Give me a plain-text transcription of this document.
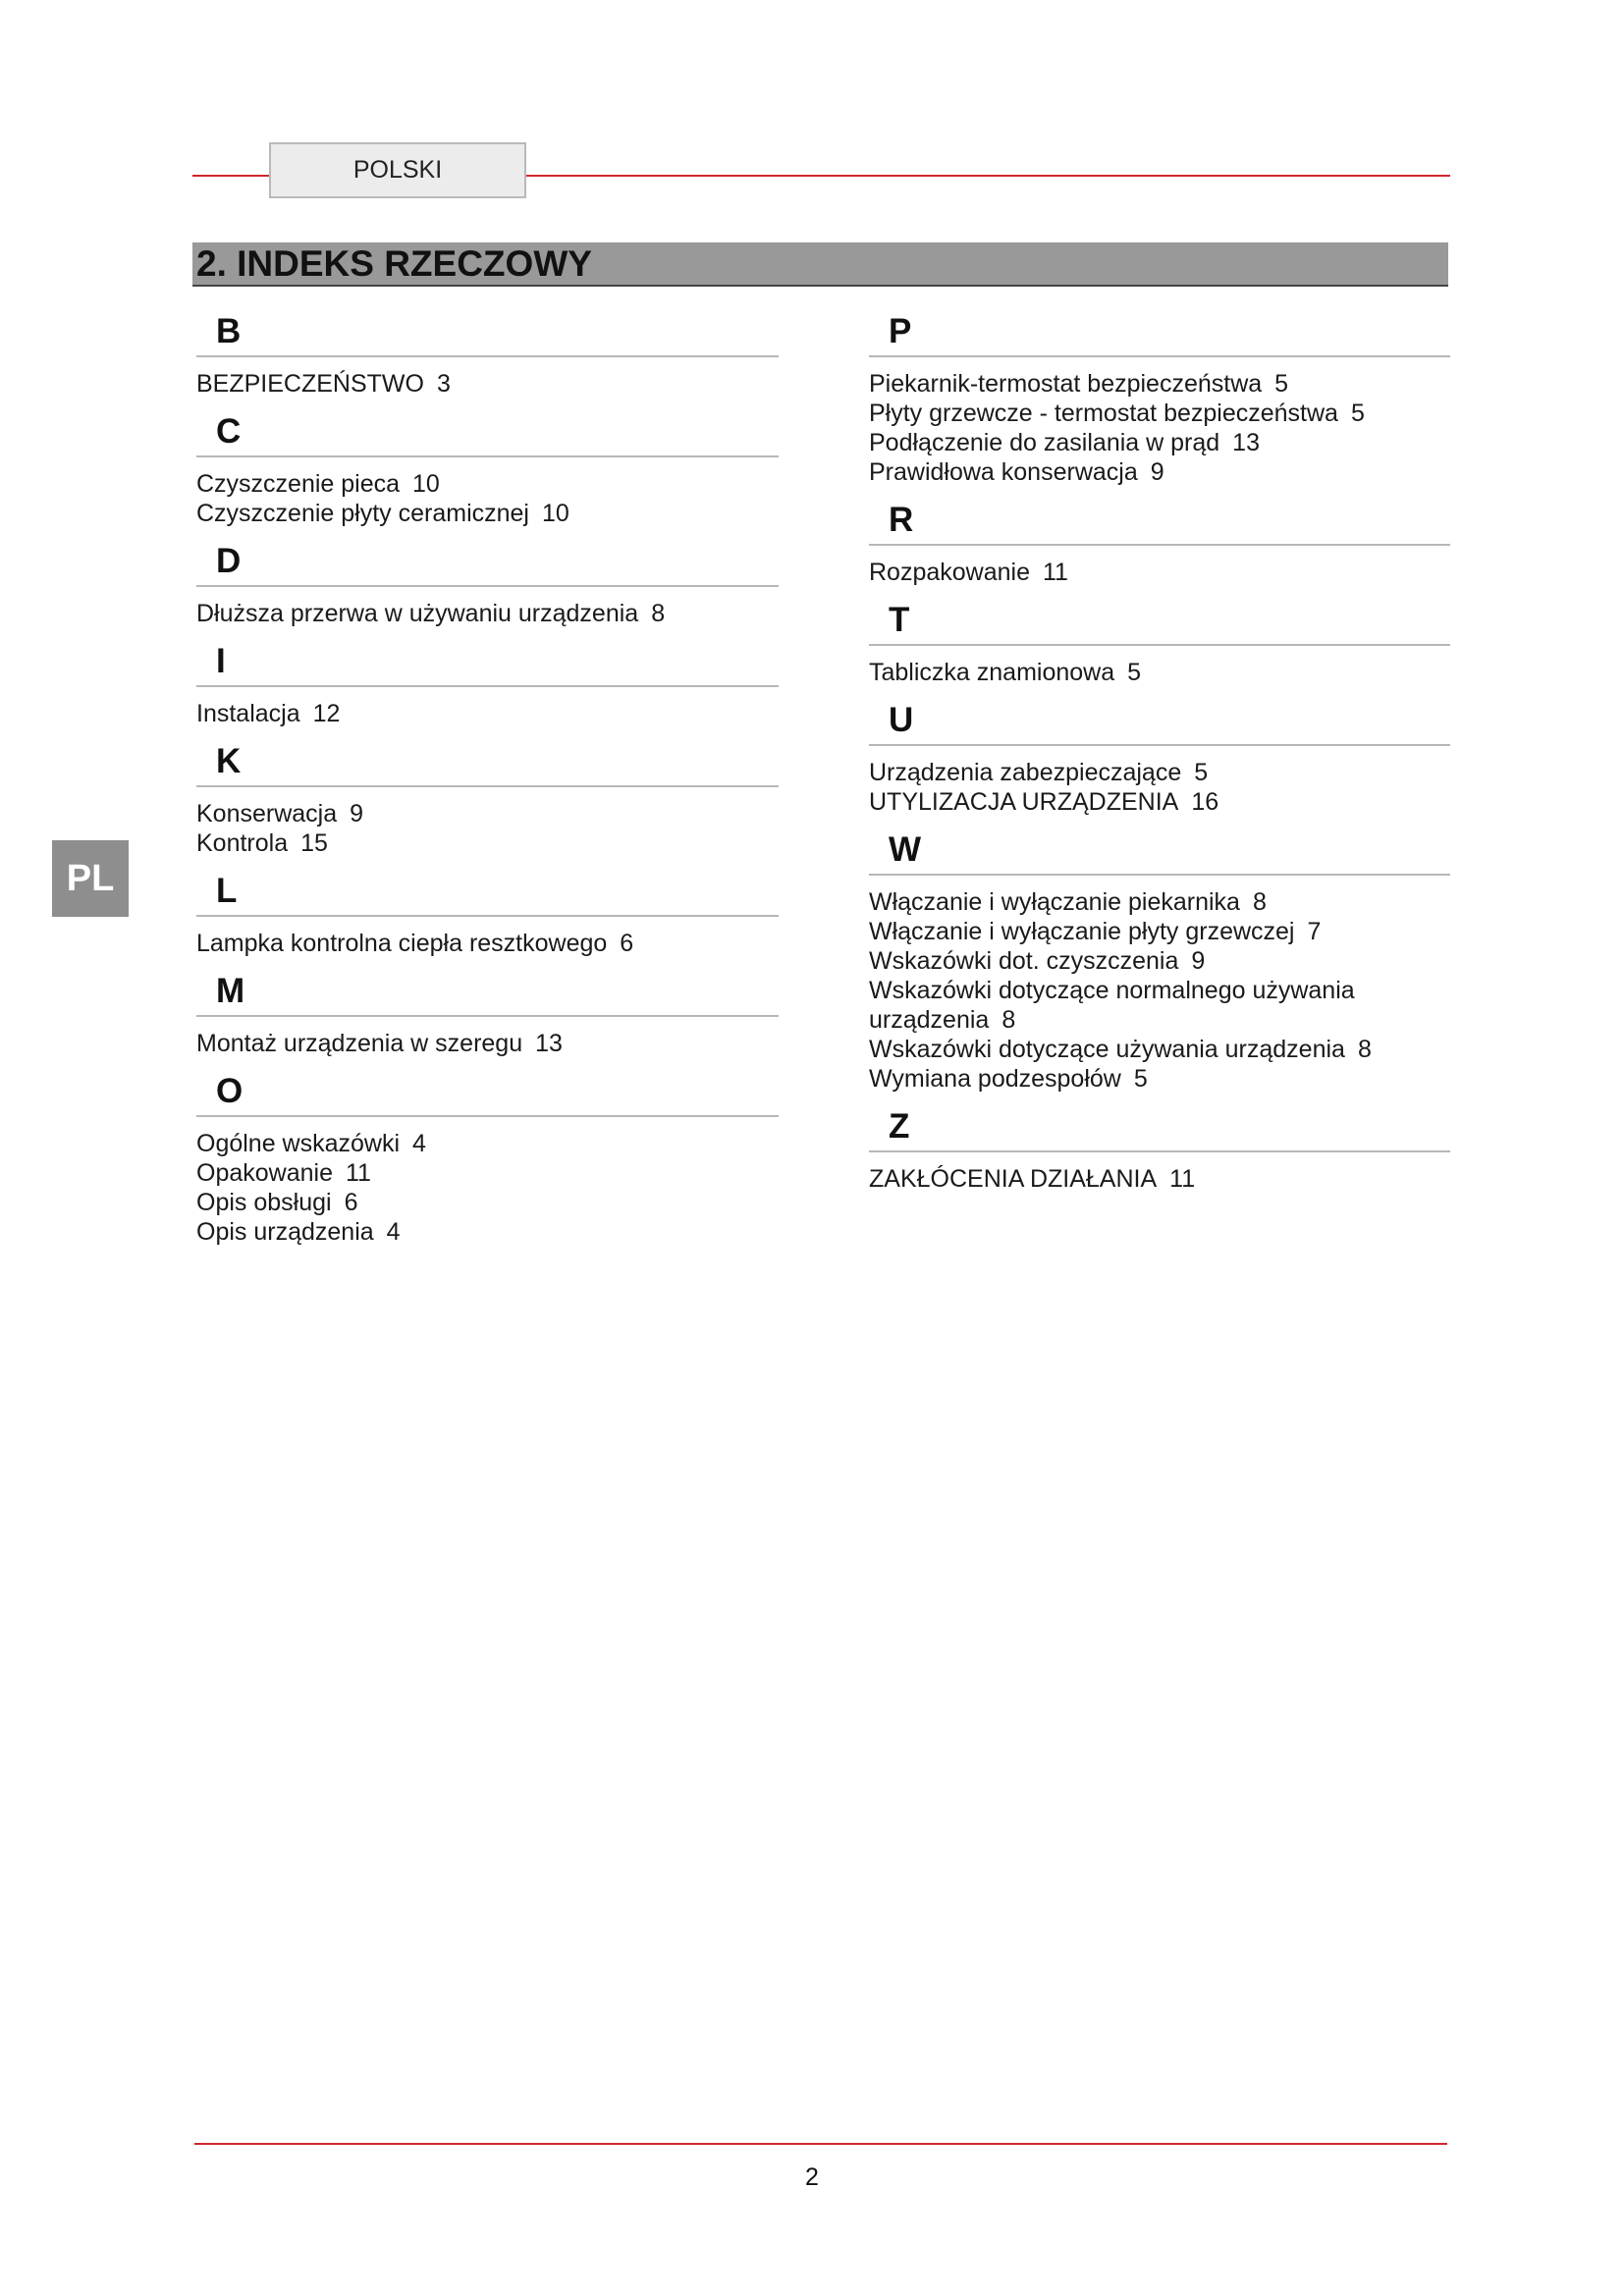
POLSKI
2. INDEKS RZECZOWY
PL
B
BEZPIECZEŃSTWO 3
C
Czyszczenie pieca 10
Czyszczenie płyty ceramicznej 10
D
Dłuższa przerwa w używaniu urządzenia 8
I
Instalacja 12
K
Konserwacja 9
Kontrola 15
L
Lampka kontrolna ciepła resztkowego 6
M
Montaż urządzenia w szeregu 13
O
Ogólne wskazówki 4
Opakowanie 11
Opis obsługi 6
Opis urządzenia 4
P
Piekarnik-termostat bezpieczeństwa 5
Płyty grzewcze - termostat bezpieczeństwa 5
Podłączenie do zasilania w prąd 13
Prawidłowa konserwacja 9
R
Rozpakowanie 11
T
Tabliczka znamionowa 5
U
Urządzenia zabezpieczające 5
UTYLIZACJA URZĄDZENIA 16
W
Włączanie i wyłączanie piekarnika 8
Włączanie i wyłączanie płyty grzewczej 7
Wskazówki dot. czyszczenia 9
Wskazówki dotyczące normalnego używania urządzenia 8
Wskazówki dotyczące używania urządzenia 8
Wymiana podzespołów 5
Z
ZAKŁÓCENIA DZIAŁANIA 11
2
